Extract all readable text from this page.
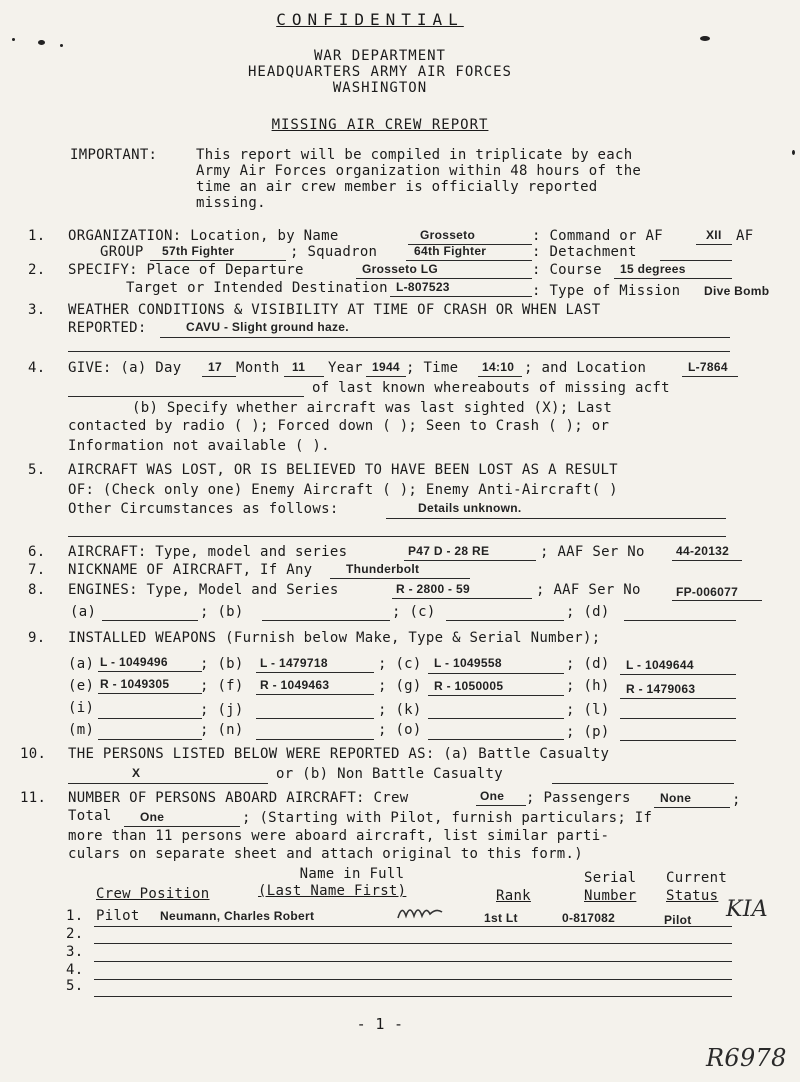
CONFIDENTIAL
WAR DEPARTMENT
HEADQUARTERS ARMY AIR FORCES
WASHINGTON
MISSING AIR CREW REPORT
IMPORTANT:	This report will be compiled in triplicate by each
Army Air Forces organization within 48 hours of the
time an air crew member is officially reported
missing.
1. ORGANIZATION: Location, by Name	Grosseto	: Command or AF	XII AF
GROUP 57th Fighter	; Squadron	64th Fighter	: Detachment
2. SPECIFY: Place of Departure	Grosseto LG	: Course 15 degrees
Target or Intended Destination L-807523	: Type of Mission Dive Bomb
3. WEATHER CONDITIONS & VISIBILITY AT TIME OF CRASH OR WHEN LAST
REPORTED:	CAVU - Slight ground haze.
4. GIVE: (a) Day 17 Month 11 Year 1944 ; Time 14:10 ; and Location	L-7864
of last known whereabouts of missing acft
(b) Specify whether aircraft was last sighted (X); Last
contacted by radio ( ); Forced down ( ); Seen to Crash ( ); or
Information not available ( ).
5. AIRCRAFT WAS LOST, OR IS BELIEVED TO HAVE BEEN LOST AS A RESULT
OF: (Check only one) Enemy Aircraft ( ); Enemy Anti-Aircraft( )
Other Circumstances as follows:	Details unknown.
6. AIRCRAFT: Type, model and series	P47 D - 28 RE	; AAF Ser No	44-20132
7. NICKNAME OF AIRCRAFT, If Any	Thunderbolt
8. ENGINES: Type, Model and Series	R - 2800 - 59	; AAF Ser No	FP-006077
(a)	; (b)	; (c)	; (d)
9. INSTALLED WEAPONS (Furnish below Make, Type & Serial Number);
(a) L - 1049496 ; (b) L - 1479718	; (c) L - 1049558	; (d) L - 1049644
(e) R - 1049305 ; (f) R - 1049463	; (g) R - 1050005	; (h) R - 1479063
(i)	; (j)	; (k)	; (l)
(m)	; (n)	; (o)	; (p)
10. THE PERSONS LISTED BELOW WERE REPORTED AS: (a) Battle Casualty
X	or (b) Non Battle Casualty
11. NUMBER OF PERSONS ABOARD AIRCRAFT: Crew	One ; Passengers None	;
Total One	; (Starting with Pilot, furnish particulars; If
more than 11 persons were aboard aircraft, list similar parti-
culars on separate sheet and attach original to this form.)
Name in Full	Serial Current
Crew Position	(Last Name First)	Rank	Number Status
1. Pilot Neumann, Charles Robert	1st Lt	0-817082	Pilot KIA
2.
3.
4.
5.
- 1 -
R6978
